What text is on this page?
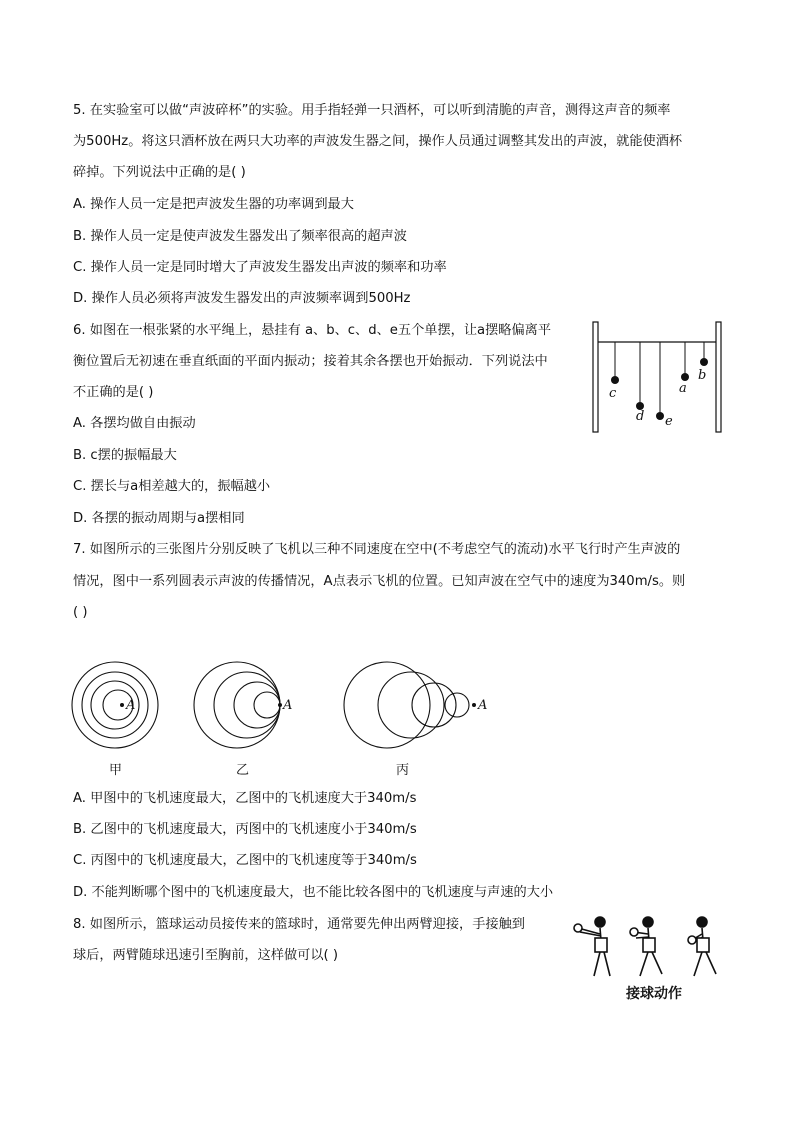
5. 在实验室可以做“声波碎杯”的实验。用手指轻弹一只酒杯，可以听到清脆的声音，测得这声音的频率
为500Hz。将这只酒杯放在两只大功率的声波发生器之间，操作人员通过调整其发出的声波，就能使酒杯
碎掉。下列说法中正确的是( )
A. 操作人员一定是把声波发生器的功率调到最大
B. 操作人员一定是使声波发生器发出了频率很高的超声波
C. 操作人员一定是同时增大了声波发生器发出声波的频率和功率
D. 操作人员必须将声波发生器发出的声波频率调到500Hz
6. 如图在一根张紧的水平绳上，悬挂有 a、b、c、d、e五个单摆，让a摆略偏离平
衡位置后无初速在垂直纸面的平面内振动；接着其余各摆也开始振动．下列说法中
不正确的是( )
A. 各摆均做自由振动
B. c摆的振幅最大
C. 摆长与a相差越大的，振幅越小
D. 各摆的振动周期与a摆相同
c
d e
a
b
7. 如图所示的三张图片分别反映了飞机以三种不同速度在空中(不考虑空气的流动)水平飞行时产生声波的
情况，图中一系列圆表示声波的传播情况，A点表示飞机的位置。已知声波在空气中的速度为340m/s。则
( )
A
甲
A
乙
A
丙
A. 甲图中的飞机速度最大，乙图中的飞机速度大于340m/s
B. 乙图中的飞机速度最大，丙图中的飞机速度小于340m/s
C. 丙图中的飞机速度最大，乙图中的飞机速度等于340m/s
D. 不能判断哪个图中的飞机速度最大，也不能比较各图中的飞机速度与声速的大小
8. 如图所示，篮球运动员接传来的篮球时，通常要先伸出两臂迎接，手接触到
球后，两臂随球迅速引至胸前，这样做可以( )
接球动作
